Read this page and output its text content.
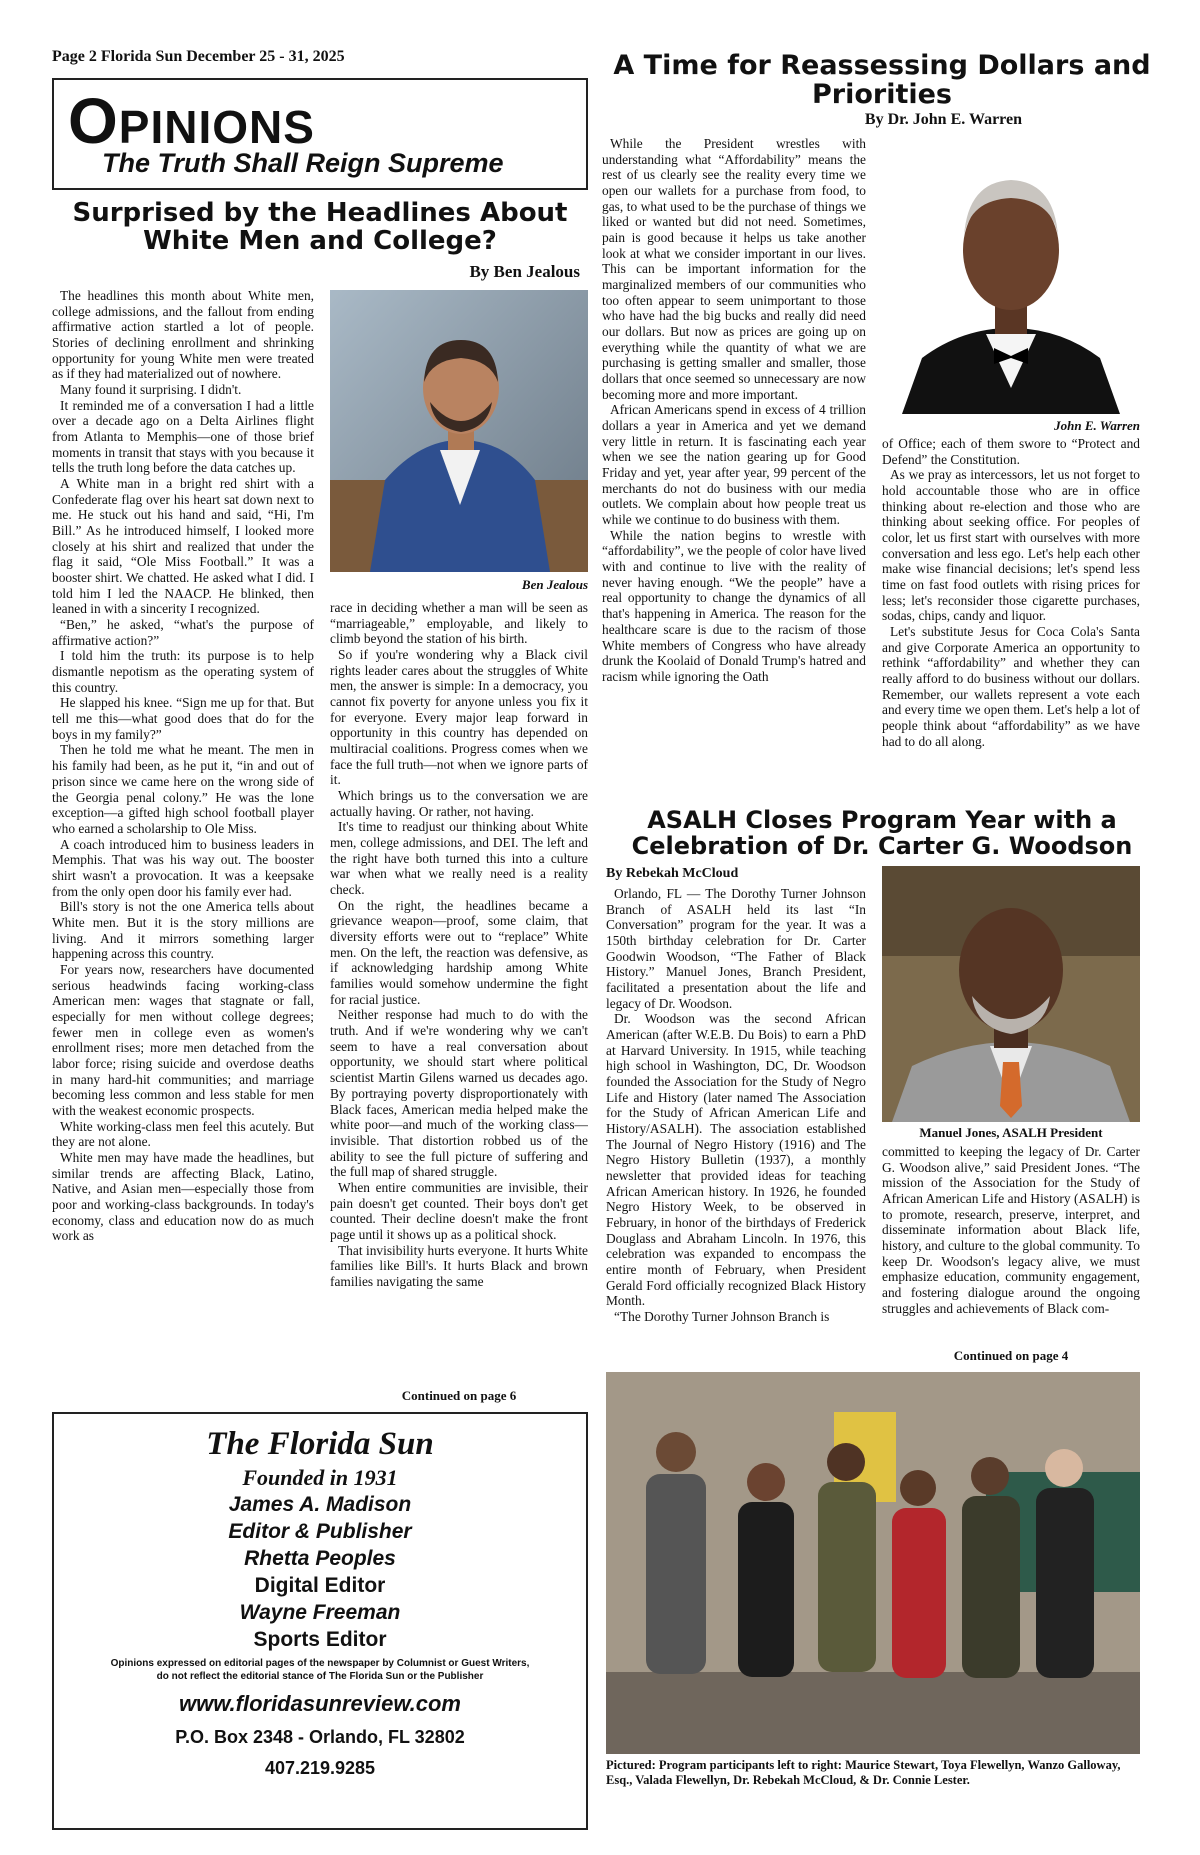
Page 2 Florida Sun December 25 - 31, 2025
OPINIONS
The Truth Shall Reign Supreme
Surprised by the Headlines About White Men and College?
By Ben Jealous

The headlines this month about White men, college admissions, and the fallout from ending affirmative action startled a lot of people. Stories of declining enrollment and shrinking opportunity for young White men were treated as if they had materialized out of nowhere.

Many found it surprising. I didn't.

It reminded me of a conversation I had a little over a decade ago on a Delta Airlines flight from Atlanta to Memphis—one of those brief moments in transit that stays with you because it tells the truth long before the data catches up.

A White man in a bright red shirt with a Confederate flag over his heart sat down next to me. He stuck out his hand and said, “Hi, I'm Bill.” As he introduced himself, I looked more closely at his shirt and realized that under the flag it said, “Ole Miss Football.” It was a booster shirt. We chatted. He asked what I did. I told him I led the NAACP. He blinked, then leaned in with a sincerity I recognized.

“Ben,” he asked, “what's the purpose of affirmative action?”

I told him the truth: its purpose is to help dismantle nepotism as the operating system of this country.

He slapped his knee. “Sign me up for that. But tell me this—what good does that do for the boys in my family?”

Then he told me what he meant. The men in his family had been, as he put it, “in and out of prison since we came here on the wrong side of the Georgia penal colony.” He was the lone exception—a gifted high school football player who earned a scholarship to Ole Miss.

A coach introduced him to business leaders in Memphis. That was his way out. The booster shirt wasn't a provocation. It was a keepsake from the only open door his family ever had.

Bill's story is not the one America tells about White men. But it is the story millions are living. And it mirrors something larger happening across this country.

For years now, researchers have documented serious headwinds facing working-class American men: wages that stagnate or fall, especially for men without college degrees; fewer men in college even as women's enrollment rises; more men detached from the labor force; rising suicide and overdose deaths in many hard-hit communities; and marriage becoming less common and less stable for men with the weakest economic prospects.

White working-class men feel this acutely. But they are not alone.

White men may have made the headlines, but similar trends are affecting Black, Latino, Native, and Asian men—especially those from poor and working-class backgrounds. In today's economy, class and education now do as much work as

Ben Jealous

race in deciding whether a man will be seen as “marriageable,” employable, and likely to climb beyond the station of his birth.

So if you're wondering why a Black civil rights leader cares about the struggles of White men, the answer is simple: In a democracy, you cannot fix poverty for anyone unless you fix it for everyone. Every major leap forward in opportunity in this country has depended on multiracial coalitions. Progress comes when we face the full truth—not when we ignore parts of it.

Which brings us to the conversation we are actually having. Or rather, not having.

It's time to readjust our thinking about White men, college admissions, and DEI. The left and the right have both turned this into a culture war when what we really need is a reality check.

On the right, the headlines became a grievance weapon—proof, some claim, that diversity efforts were out to “replace” White men. On the left, the reaction was defensive, as if acknowledging hardship among White families would somehow undermine the fight for racial justice.

Neither response had much to do with the truth. And if we're wondering why we can't seem to have a real conversation about opportunity, we should start where political scientist Martin Gilens warned us decades ago. By portraying poverty disproportionately with Black faces, American media helped make the white poor—and much of the working class—invisible. That distortion robbed us of the ability to see the full picture of suffering and the full map of shared struggle.

When entire communities are invisible, their pain doesn't get counted. Their boys don't get counted. Their decline doesn't make the front page until it shows up as a political shock.

That invisibility hurts everyone. It hurts White families like Bill's. It hurts Black and brown families navigating the same

Continued on page 6
The Florida Sun
Founded in 1931
James A. Madison
Editor & Publisher
Rhetta Peoples
Digital Editor
Wayne Freeman
Sports Editor
Opinions expressed on editorial pages of the newspaper by Columnist or Guest Writers,
do not reflect the editorial stance of The Florida Sun or the Publisher
www.floridasunreview.com
P.O. Box 2348 - Orlando, FL 32802
407.219.9285
A Time for Reassessing Dollars and Priorities
By Dr. John E. Warren

While the President wrestles with understanding what “Affordability” means the rest of us clearly see the reality every time we open our wallets for a purchase from food, to gas, to what used to be the purchase of things we liked or wanted but did not need. Sometimes, pain is good because it helps us take another look at what we consider important in our lives. This can be important information for the marginalized members of our communities who too often appear to seem unimportant to those who have had the big bucks and really did need our dollars. But now as prices are going up on everything while the quantity of what we are purchasing is getting smaller and smaller, those dollars that once seemed so unnecessary are now becoming more and more important.

African Americans spend in excess of 4 trillion dollars a year in America and yet we demand very little in return. It is fascinating each year when we see the nation gearing up for Good Friday and yet, year after year, 99 percent of the merchants do not do business with our media outlets. We complain about how people treat us while we continue to do business with them.

While the nation begins to wrestle with “affordability”, we the people of color have lived with and continue to live with the reality of never having enough. “We the people” have a real opportunity to change the dynamics of all that's happening in America. The reason for the healthcare scare is due to the racism of those White members of Congress who have already drunk the Koolaid of Donald Trump's hatred and racism while ignoring the Oath

John E. Warren

of Office; each of them swore to “Protect and Defend” the Constitution.

As we pray as intercessors, let us not forget to hold accountable those who are in office thinking about re-election and those who are thinking about seeking office. For peoples of color, let us first start with ourselves with more conversation and less ego. Let's help each other make wise financial decisions; let's spend less time on fast food outlets with rising prices for less; let's reconsider those cigarette purchases, sodas, chips, candy and liquor.

Let's substitute Jesus for Coca Cola's Santa and give Corporate America an opportunity to rethink “affordability” and whether they can really afford to do business without our dollars. Remember, our wallets represent a vote each and every time we open them. Let's help a lot of people think about “affordability” as we have had to do all along.

ASALH Closes Program Year with a Celebration of Dr. Carter G. Woodson
By Rebekah McCloud

Orlando, FL — The Dorothy Turner Johnson Branch of ASALH held its last “In Conversation” program for the year. It was a 150th birthday celebration for Dr. Carter Goodwin Woodson, “The Father of Black History.” Manuel Jones, Branch President, facilitated a presentation about the life and legacy of Dr. Woodson.

Dr. Woodson was the second African American (after W.E.B. Du Bois) to earn a PhD at Harvard University. In 1915, while teaching high school in Washington, DC, Dr. Woodson founded the Association for the Study of Negro Life and History (later named The Association for the Study of African American Life and History/ASALH). The association established The Journal of Negro History (1916) and The Negro History Bulletin (1937), a monthly newsletter that provided ideas for teaching African American history. In 1926, he founded Negro History Week, to be observed in February, in honor of the birthdays of Frederick Douglass and Abraham Lincoln. In 1976, this celebration was expanded to encompass the entire month of February, when President Gerald Ford officially recognized Black History Month.

“The Dorothy Turner Johnson Branch is

Manuel Jones, ASALH President

committed to keeping the legacy of Dr. Carter G. Woodson alive,” said President Jones. “The mission of the Association for the Study of African American Life and History (ASALH) is to promote, research, preserve, interpret, and disseminate information about Black life, history, and culture to the global community. To keep Dr. Woodson's legacy alive, we must emphasize education, community engagement, and fostering dialogue around the ongoing struggles and achievements of Black com-

Continued on page 4
Pictured: Program participants left to right: Maurice Stewart, Toya Flewellyn, Wanzo Galloway, Esq., Valada Flewellyn, Dr. Rebekah McCloud, & Dr. Connie Lester.
